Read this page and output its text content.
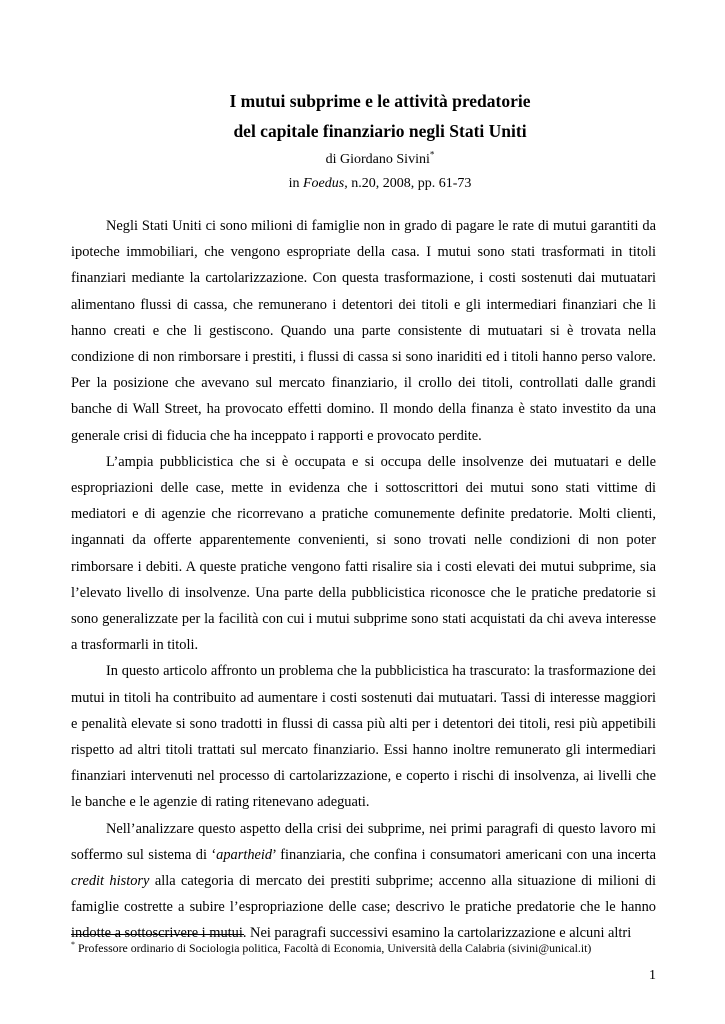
I mutui subprime e le attività predatorie
del capitale finanziario negli Stati Uniti
di Giordano Sivini*
in Foedus, n.20, 2008, pp. 61-73

Negli Stati Uniti ci sono milioni di famiglie non in grado di pagare le rate di mutui garantiti da ipoteche immobiliari, che vengono espropriate della casa. I mutui sono stati trasformati in titoli finanziari mediante la cartolarizzazione. Con questa trasformazione, i costi sostenuti dai mutuatari alimentano flussi di cassa, che remunerano i detentori dei titoli e gli intermediari finanziari che li hanno creati e che li gestiscono. Quando una parte consistente di mutuatari si è trovata nella condizione di non rimborsare i prestiti, i flussi di cassa si sono inariditi ed i titoli hanno perso valore. Per la posizione che avevano sul mercato finanziario, il crollo dei titoli, controllati dalle grandi banche di Wall Street, ha provocato effetti domino. Il mondo della finanza è stato investito da una generale crisi di fiducia che ha inceppato i rapporti e provocato perdite.

L’ampia pubblicistica che si è occupata e si occupa delle insolvenze dei mutuatari e delle espropriazioni delle case, mette in evidenza che i sottoscrittori dei mutui sono stati vittime di mediatori e di agenzie che ricorrevano a pratiche comunemente definite predatorie. Molti clienti, ingannati da offerte apparentemente convenienti, si sono trovati nelle condizioni di non poter rimborsare i debiti. A queste pratiche vengono fatti risalire sia i costi elevati dei mutui subprime, sia l’elevato livello di insolvenze. Una parte della pubblicistica riconosce che le pratiche predatorie si sono generalizzate per la facilità con cui i mutui subprime sono stati acquistati da chi aveva interesse a trasformarli in titoli.

In questo articolo affronto un problema che la pubblicistica ha trascurato: la trasformazione dei mutui in titoli ha contribuito ad aumentare i costi sostenuti dai mutuatari. Tassi di interesse maggiori e penalità elevate si sono tradotti in flussi di cassa più alti per i detentori dei titoli, resi più appetibili rispetto ad altri titoli trattati sul mercato finanziario. Essi hanno inoltre remunerato gli intermediari finanziari intervenuti nel processo di cartolarizzazione, e coperto i rischi di insolvenza, ai livelli che le banche e le agenzie di rating ritenevano adeguati.

Nell’analizzare questo aspetto della crisi dei subprime, nei primi paragrafi di questo lavoro mi soffermo sul sistema di ‘apartheid’ finanziaria, che confina i consumatori americani con una incerta credit history alla categoria di mercato dei prestiti subprime; accenno alla situazione di milioni di famiglie costrette a subire l’espropriazione delle case; descrivo le pratiche predatorie che le hanno indotte a sottoscrivere i mutui. Nei paragrafi successivi esamino la cartolarizzazione e alcuni altri

* Professore ordinario di Sociologia politica, Facoltà di Economia, Università della Calabria (sivini@unical.it)
1
